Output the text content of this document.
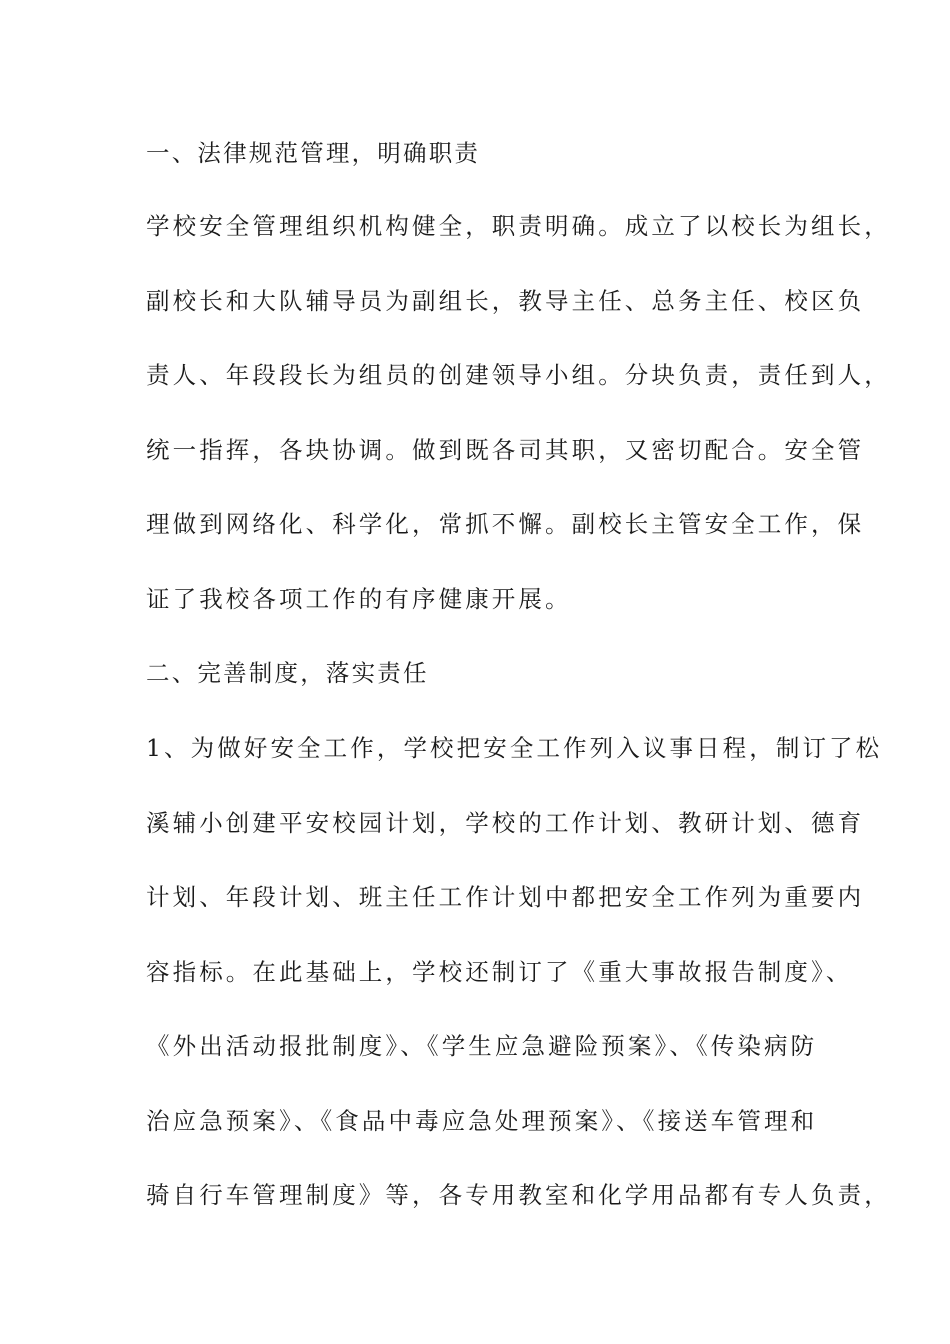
一、法律规范管理，明确职责
学校安全管理组织机构健全，职责明确。成立了以校长为组长，
副校长和大队辅导员为副组长，教导主任、总务主任、校区负
责人、年段段长为组员的创建领导小组。分块负责，责任到人，
统一指挥，各块协调。做到既各司其职，又密切配合。安全管
理做到网络化、科学化，常抓不懈。副校长主管安全工作，保
证了我校各项工作的有序健康开展。
二、完善制度，落实责任
1、为做好安全工作，学校把安全工作列入议事日程，制订了松
溪辅小创建平安校园计划，学校的工作计划、教研计划、德育
计划、年段计划、班主任工作计划中都把安全工作列为重要内
容指标。在此基础上，学校还制订了《重大事故报告制度》、
《外出活动报批制度》、《学生应急避险预案》、《传染病防
治应急预案》、《食品中毒应急处理预案》、《接送车管理和
骑自行车管理制度》等，各专用教室和化学用品都有专人负责，
